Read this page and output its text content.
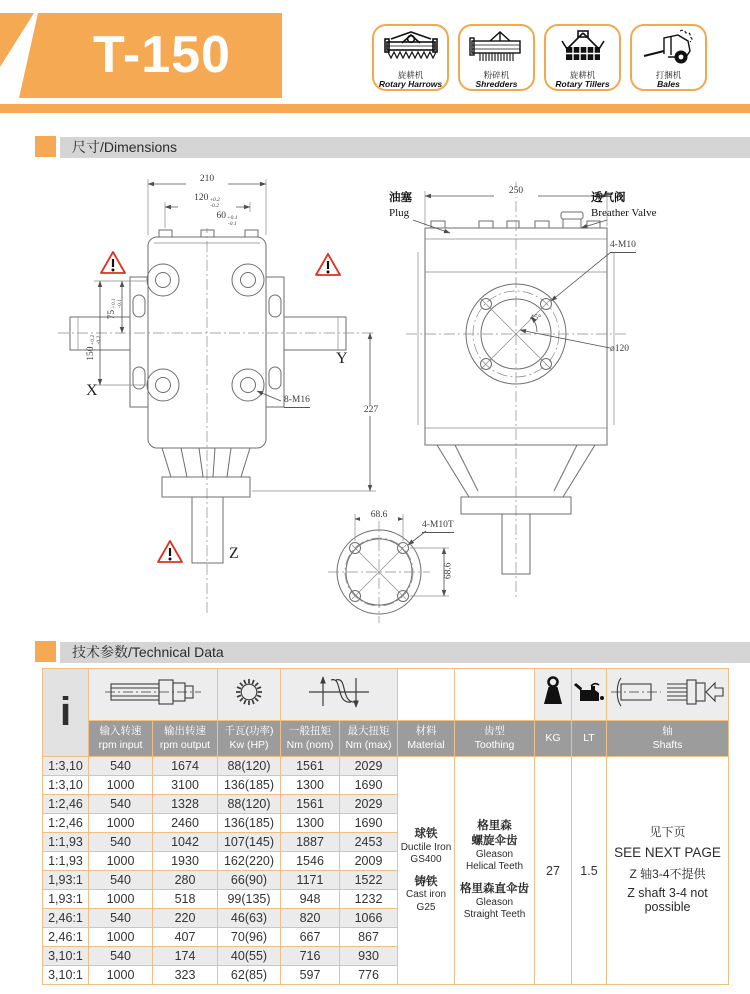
T-150	旋耕机
Rotary Harrows
粉碎机
Shredders
旋耕机
Rotary Tillers
打捆机
Bales
尺寸/Dimensions
210
120 +0.2
-0.2
60 +0.1
-0.1
75
+0.1 -0.1
150
+0.2 -0.2
227
8-M16
X
Y
Z
250
油塞
Plug
透气阀
Breather Valve
4-M10
45°
ø120
68.6
68.6
4-M10T
技术参数/Technical Data
i								
	输入转速
rpm input	输出转速
rpm output	千瓦(功率)
Kw (HP)	一般扭矩
Nm (nom)	最大扭矩
Nm (max)	材料
Material	齿型
Toothing	KG	LT	轴
Shafts
1:3,10	540	1674	88(120)	1561	2029	
球铁
Ductile Iron
GS400
铸铁
Cast iron
G25

格里森
螺旋伞齿
Gleason
Helical Teeth
格里森直伞齿
Gleason
Straight Teeth
	27	1.5	
见下页
SEE NEXT PAGE
Z 轴3-4不提供
Z shaft 3-4 not possible

1:3,10	1000	3100	136(185)	1300	1690					
1:2,46	540	1328	88(120)	1561	2029					
1:2,46	1000	2460	136(185)	1300	1690					
1:1,93	540	1042	107(145)	1887	2453					
1:1,93	1000	1930	162(220)	1546	2009					
1,93:1	540	280	66(90)	1171	1522					
1,93:1	1000	518	99(135)	948	1232					
2,46:1	540	220	46(63)	820	1066					
2,46:1	1000	407	70(96)	667	867					
3,10:1	540	174	40(55)	716	930					
3,10:1	1000	323	62(85)	597	776					
